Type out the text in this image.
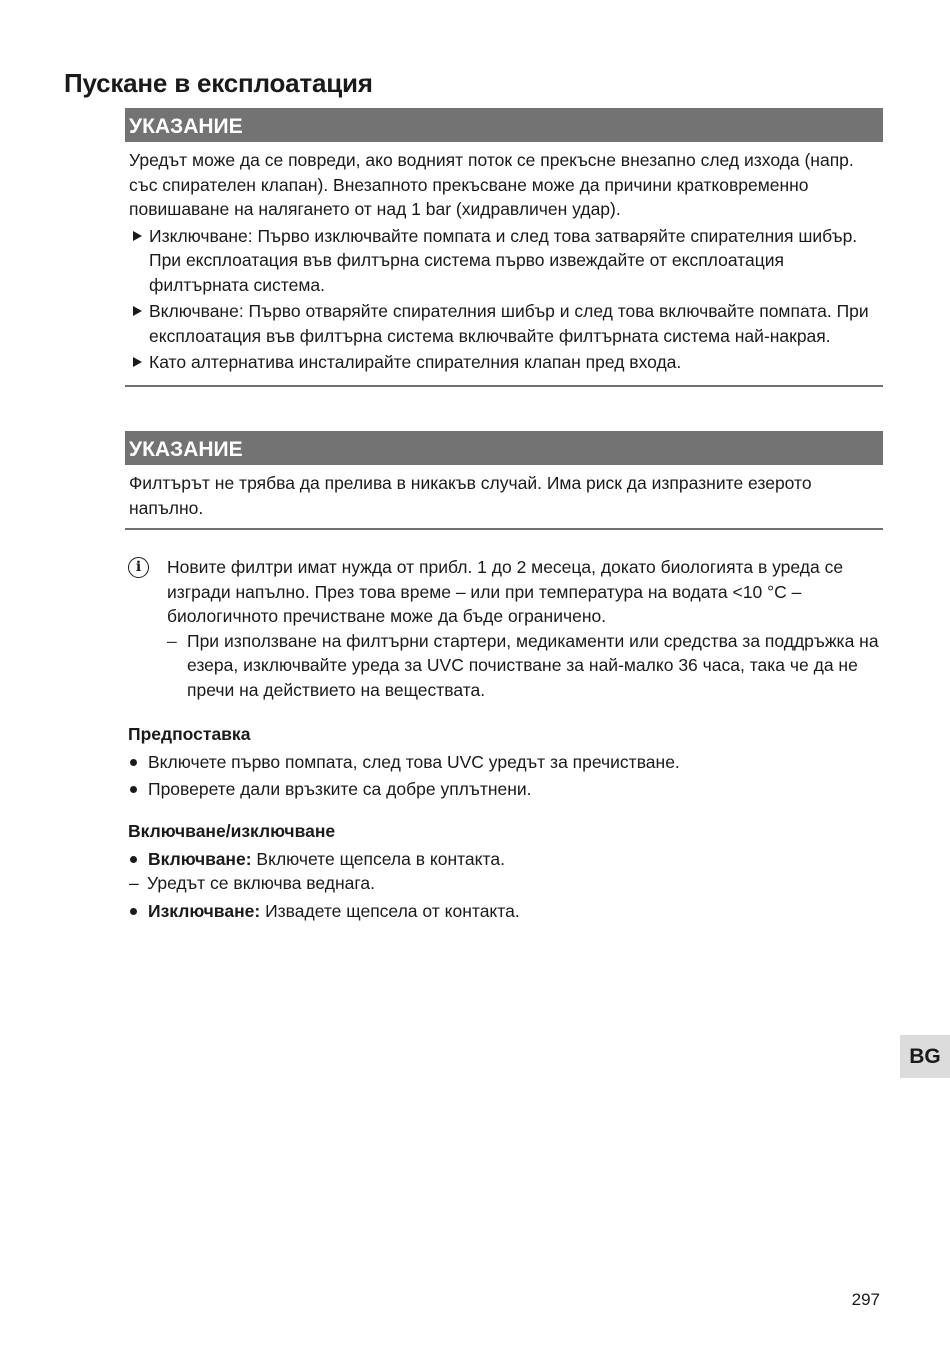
Пускане в експлоатация
УКАЗАНИЕ

Уредът може да се повреди, ако водният поток се прекъсне внезапно след изхода (напр. със спирателен клапан). Внезапното прекъсване може да причини кратковременно повишаване на налягането от над 1 bar (хидравличен удар).

Изключване: Първо изключвайте помпата и след това затваряйте спирателния шибър. При експлоатация във филтърна система първо извеждайте от експлоатация филтърната система.
Включване: Първо отваряйте спирателния шибър и след това включвайте помпата. При експлоатация във филтърна система включвайте филтърната система най-накрая.
Като алтернатива инсталирайте спирателния клапан пред входа.
УКАЗАНИЕ

Филтърът не трябва да прелива в никакъв случай. Има риск да изпразните езерото напълно.

i	Новите филтри имат нужда от прибл. 1 до 2 месеца, докато биологията в уреда се изгради напълно. През това време – или при температура на водата <10 °C – биологичното пречистване може да бъде ограничено.

– При използване на филтърни стартери, медикаменти или средства за поддръжка на езера, изключвайте уреда за UVC почистване за най-малко 36 часа, така че да не пречи на действието на веществата.
Предпоставка
Включете първо помпата, след това UVC уредът за пречистване.
Проверете дали връзките са добре уплътнени.
Включване/изключване
Включване: Включете щепсела в контакта.
– Уредът се включва веднага.
Изключване: Извадете щепсела от контакта.
BG
297
